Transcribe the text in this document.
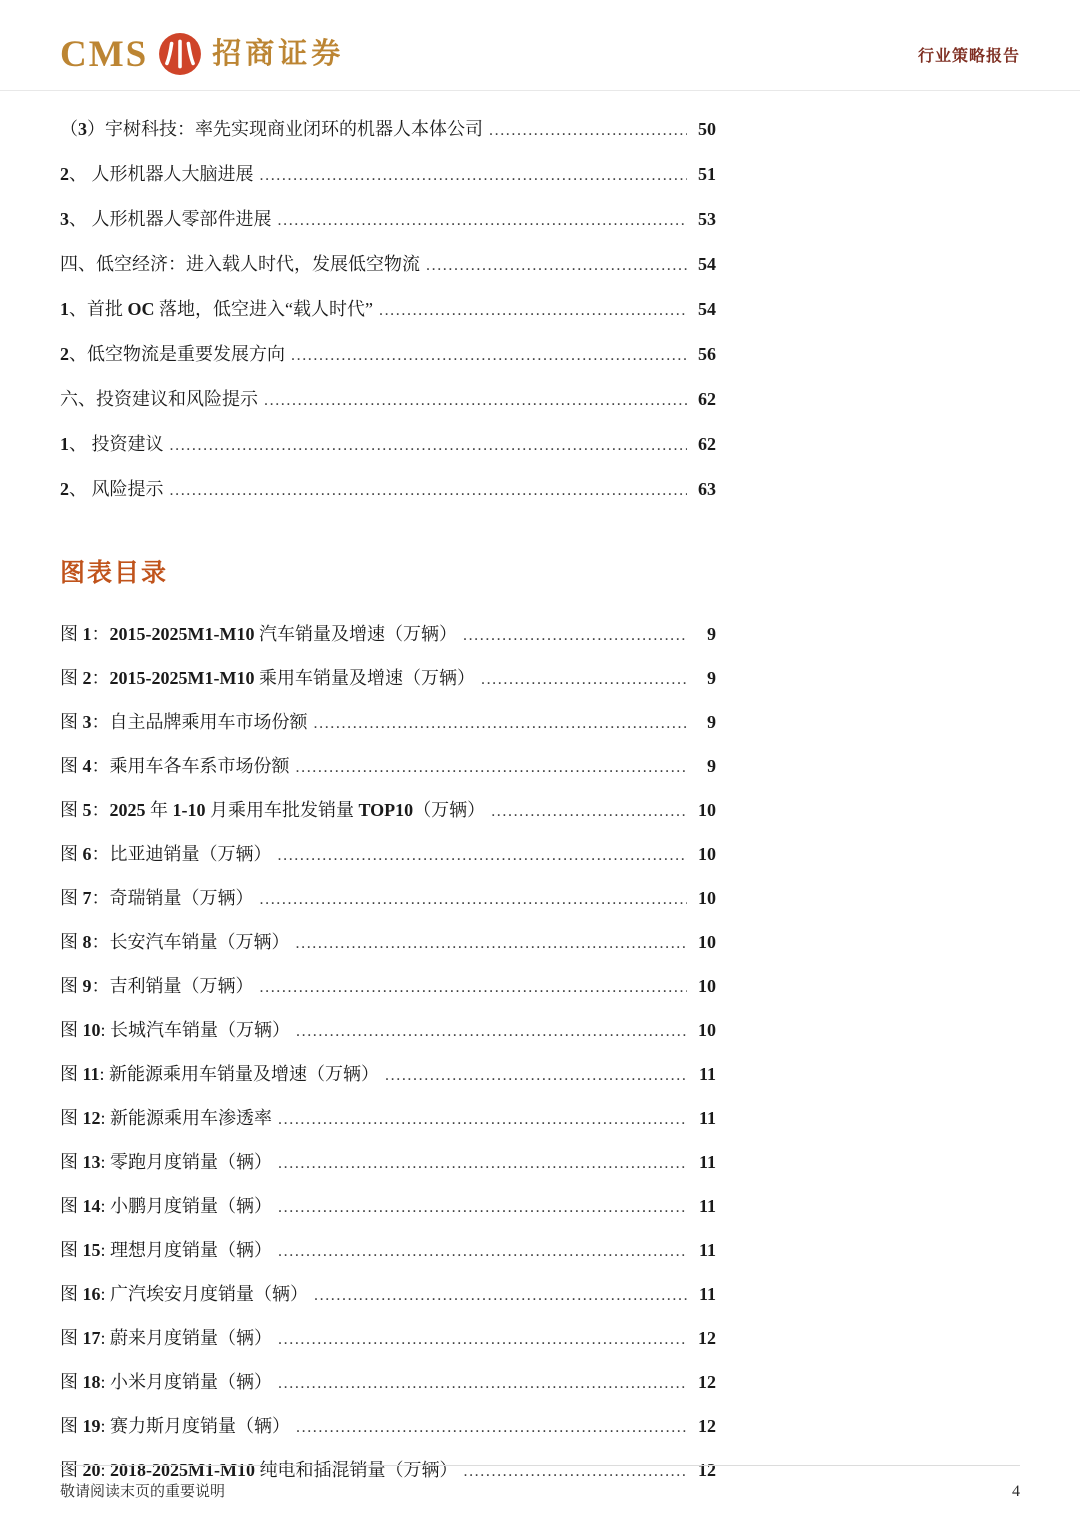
CMS 招商证券	行业策略报告
（3）宇树科技：率先实现商业闭环的机器人本体公司 .....	50
2、 人形机器人大脑进展 .....	51
3、 人形机器人零部件进展 .....	53
四、低空经济：进入载人时代，发展低空物流 .....	54
1、首批 OC 落地，低空进入“载人时代” .....	54
2、低空物流是重要发展方向 .....	56
六、投资建议和风险提示 .....	62
1、 投资建议 .....	62
2、 风险提示 .....	63
图表目录
图 1：2015-2025M1-M10 汽车销量及增速（万辆） .....	9
图 2：2015-2025M1-M10 乘用车销量及增速（万辆） .....	9
图 3：自主品牌乘用车市场份额 .....	9
图 4：乘用车各车系市场份额 .....	9
图 5：2025 年 1-10 月乘用车批发销量 TOP10（万辆） .....	10
图 6：比亚迪销量（万辆） .....	10
图 7：奇瑞销量（万辆） .....	10
图 8：长安汽车销量（万辆） .....	10
图 9：吉利销量（万辆） .....	10
图 10: 长城汽车销量（万辆） .....	10
图 11: 新能源乘用车销量及增速（万辆） .....	11
图 12: 新能源乘用车渗透率 .....	11
图 13: 零跑月度销量（辆） .....	11
图 14: 小鹏月度销量（辆） .....	11
图 15: 理想月度销量（辆） .....	11
图 16: 广汽埃安月度销量（辆） .....	11
图 17: 蔚来月度销量（辆） .....	12
图 18: 小米月度销量（辆） .....	12
图 19: 赛力斯月度销量（辆） .....	12
图 20: 2018-2025M1-M10 纯电和插混销量（万辆） .....	12
敬请阅读末页的重要说明	4
